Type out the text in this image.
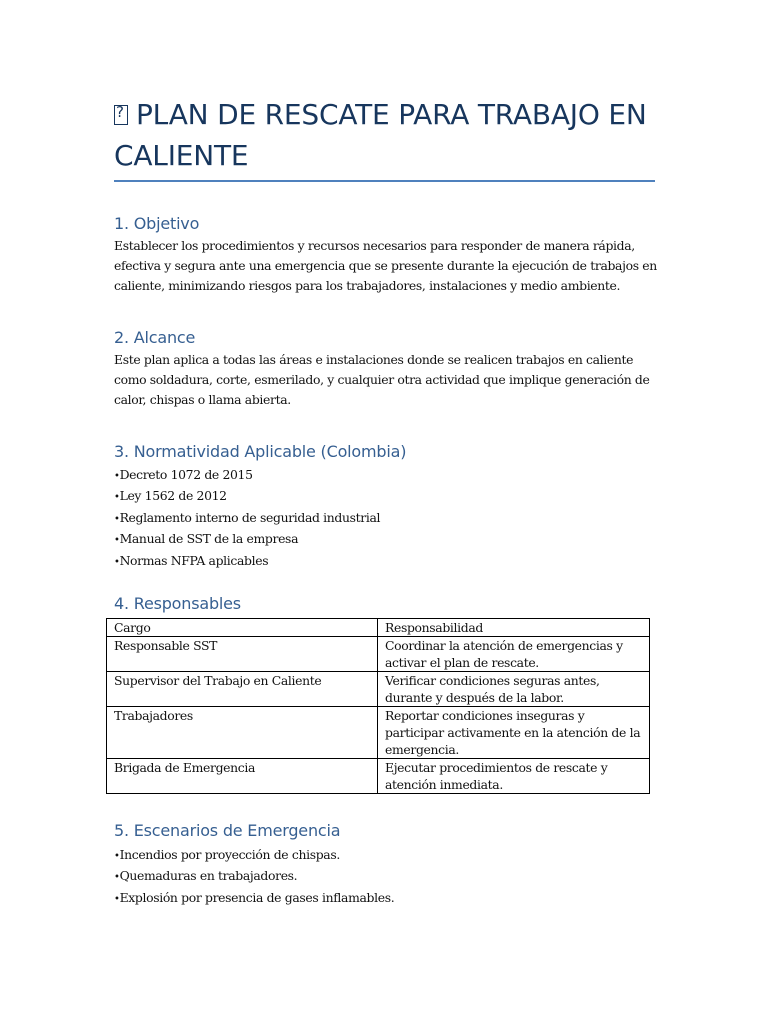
?PLAN DE RESCATE PARA TRABAJO EN CALIENTE
1. Objetivo

Establecer los procedimientos y recursos necesarios para responder de manera rápida, efectiva y segura ante una emergencia que se presente durante la ejecución de trabajos en caliente, minimizando riesgos para los trabajadores, instalaciones y medio ambiente.

2. Alcance

Este plan aplica a todas las áreas e instalaciones donde se realicen trabajos en caliente como soldadura, corte, esmerilado, y cualquier otra actividad que implique generación de calor, chispas o llama abierta.

3. Normatividad Aplicable (Colombia)
• Decreto 1072 de 2015
• Ley 1562 de 2012
• Reglamento interno de seguridad industrial
• Manual de SST de la empresa
• Normas NFPA aplicables
4. Responsables
Cargo	Responsabilidad
Responsable SST	Coordinar la atención de emergencias y activar el plan de rescate.
Supervisor del Trabajo en Caliente	Verificar condiciones seguras antes, durante y después de la labor.
Trabajadores	Reportar condiciones inseguras y participar activamente en la atención de la emergencia.
Brigada de Emergencia	Ejecutar procedimientos de rescate y atención inmediata.
5. Escenarios de Emergencia
• Incendios por proyección de chispas.
• Quemaduras en trabajadores.
• Explosión por presencia de gases inflamables.
